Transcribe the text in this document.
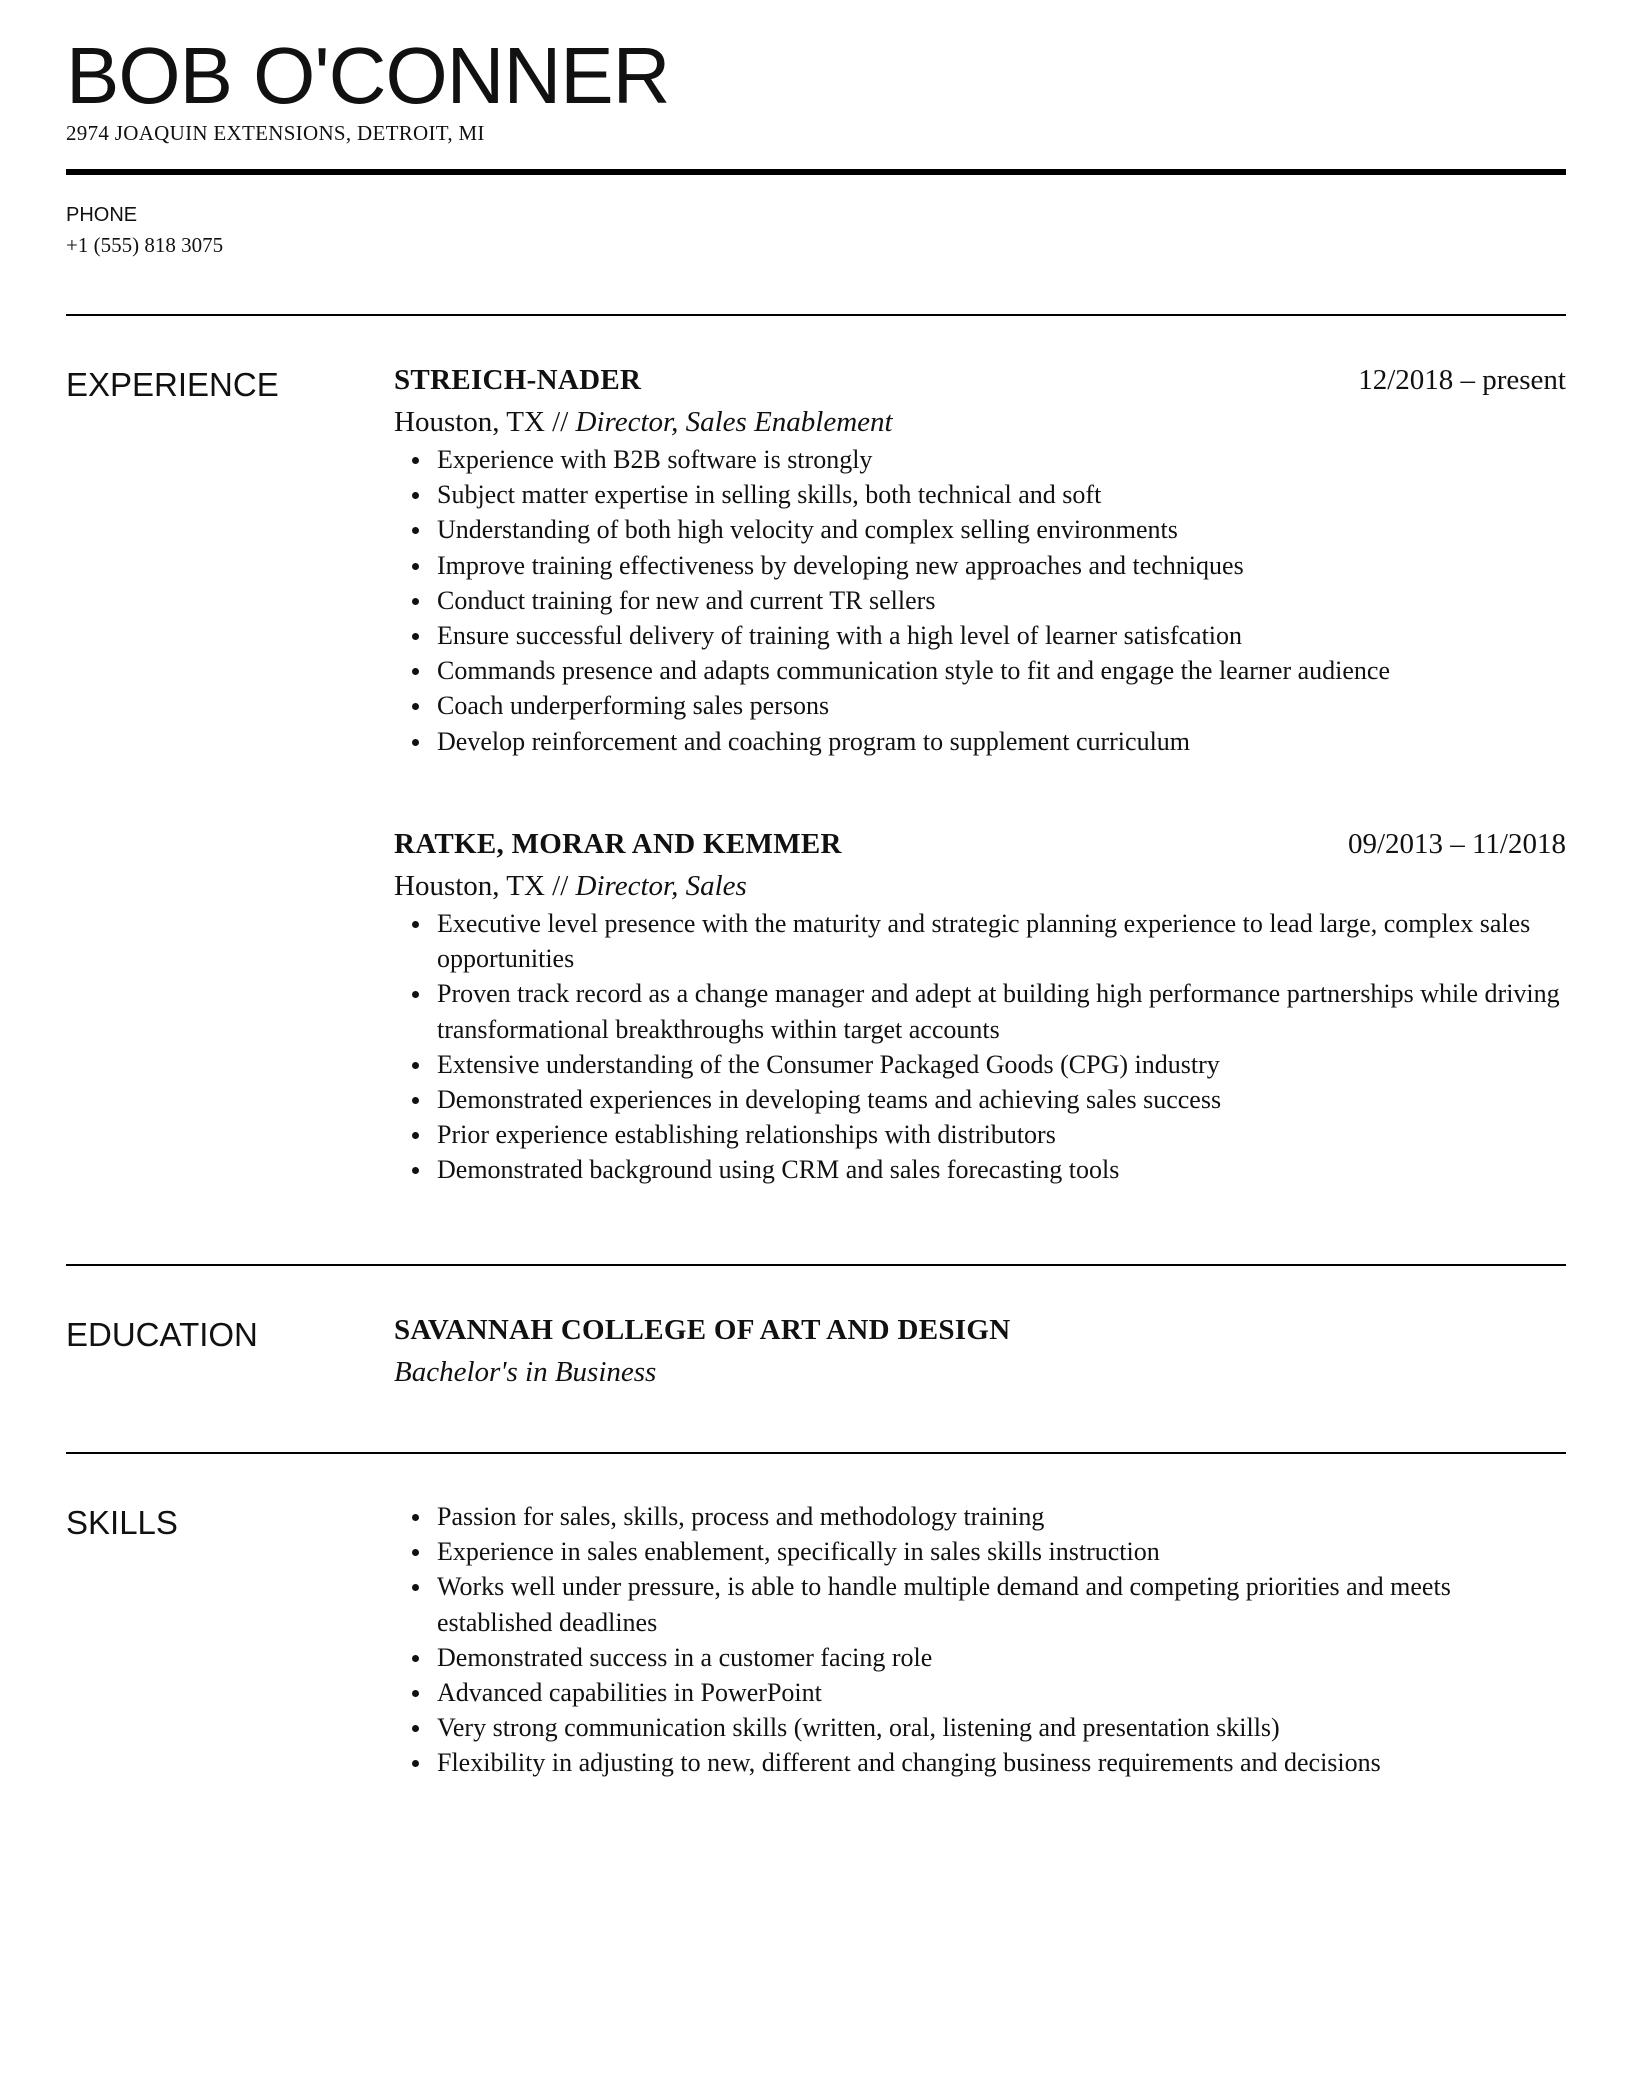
BOB O'CONNER
2974 JOAQUIN EXTENSIONS, DETROIT, MI
PHONE
+1 (555) 818 3075
EXPERIENCE	STREICH-NADER	12/2018 – present
Houston, TX // Director, Sales Enablement
Experience with B2B software is strongly
Subject matter expertise in selling skills, both technical and soft
Understanding of both high velocity and complex selling environments
Improve training effectiveness by developing new approaches and techniques
Conduct training for new and current TR sellers
Ensure successful delivery of training with a high level of learner satisfcation
Commands presence and adapts communication style to fit and engage the learner audience
Coach underperforming sales persons
Develop reinforcement and coaching program to supplement curriculum
RATKE, MORAR AND KEMMER	09/2013 – 11/2018
Houston, TX // Director, Sales
Executive level presence with the maturity and strategic planning experience to lead large, complex sales opportunities
Proven track record as a change manager and adept at building high performance partnerships while driving transformational breakthroughs within target accounts
Extensive understanding of the Consumer Packaged Goods (CPG) industry
Demonstrated experiences in developing teams and achieving sales success
Prior experience establishing relationships with distributors
Demonstrated background using CRM and sales forecasting tools
EDUCATION	SAVANNAH COLLEGE OF ART AND DESIGN
Bachelor's in Business
SKILLS	Passion for sales, skills, process and methodology training
Experience in sales enablement, specifically in sales skills instruction
Works well under pressure, is able to handle multiple demand and competing priorities and meets established deadlines
Demonstrated success in a customer facing role
Advanced capabilities in PowerPoint
Very strong communication skills (written, oral, listening and presentation skills)
Flexibility in adjusting to new, different and changing business requirements and decisions
